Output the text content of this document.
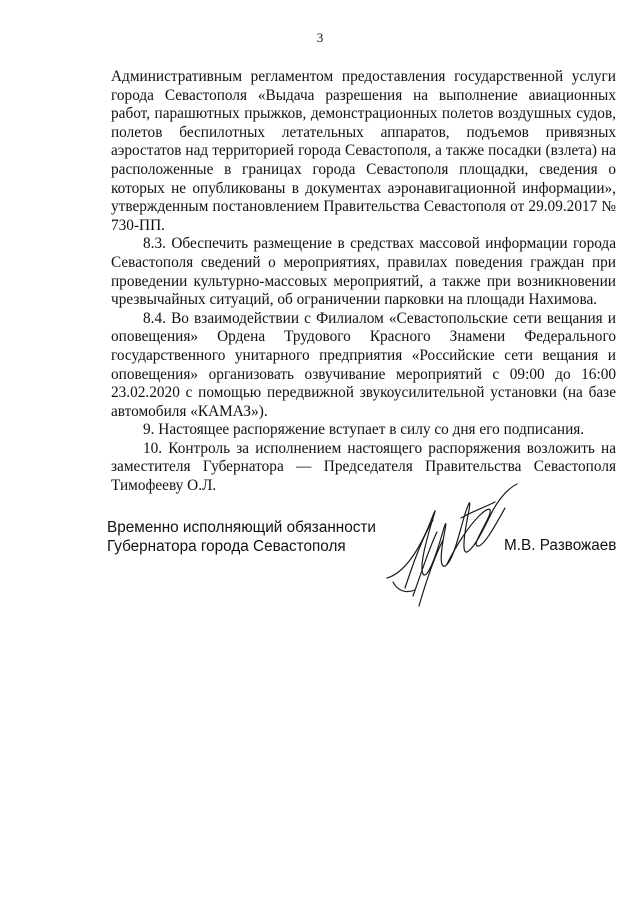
3

Административным регламентом предоставления государственной услуги города Севастополя «Выдача разрешения на выполнение авиационных работ, парашютных прыжков, демонстрационных полетов воздушных судов, полетов беспилотных летательных аппаратов, подъемов привязных аэростатов над территорией города Севастополя, а также посадки (взлета) на расположенные в границах города Севастополя площадки, сведения о которых не опубликованы в документах аэронавигационной информации», утвержденным постановлением Правительства Севастополя от 29.09.2017 № 730-ПП.

8.3. Обеспечить размещение в средствах массовой информации города Севастополя сведений о мероприятиях, правилах поведения граждан при проведении культурно-массовых мероприятий, а также при возникновении чрезвычайных ситуаций, об ограничении парковки на площади Нахимова.

8.4. Во взаимодействии с Филиалом «Севастопольские сети вещания и оповещения» Ордена Трудового Красного Знамени Федерального государственного унитарного предприятия «Российские сети вещания и оповещения» организовать озвучивание мероприятий с 09:00 до 16:00 23.02.2020 с помощью передвижной звукоусилительной установки (на базе автомобиля «КАМАЗ»).

9. Настоящее распоряжение вступает в силу со дня его подписания.

10. Контроль за исполнением настоящего распоряжения возложить на заместителя Губернатора — Председателя Правительства Севастополя Тимофееву О.Л.

Временно исполняющий обязанности
Губернатора города Севастополя	М.В. Развожаев
